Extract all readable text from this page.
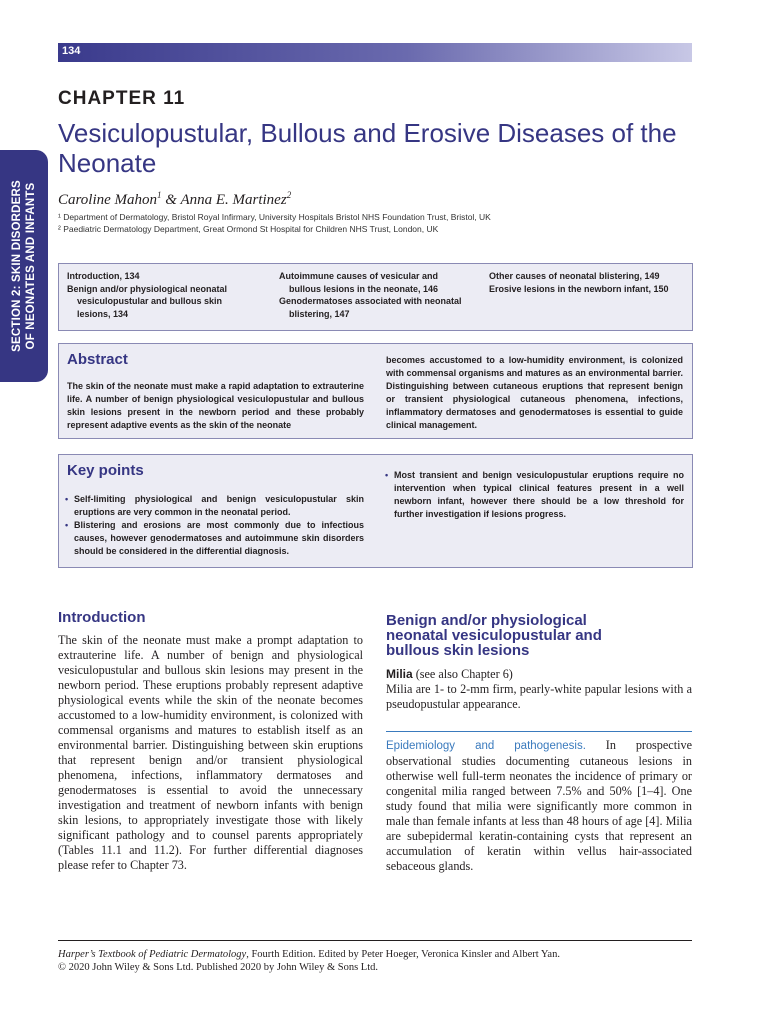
134
SECTION 2: SKIN DISORDERS OF NEONATES AND INFANTS
CHAPTER 11
Vesiculopustular, Bullous and Erosive Diseases of the Neonate
Caroline Mahon$^1$ & Anna E. Martinez$^2$
¹ Department of Dermatology, Bristol Royal Infirmary, University Hospitals Bristol NHS Foundation Trust, Bristol, UK
² Paediatric Dermatology Department, Great Ormond St Hospital for Children NHS Trust, London, UK
Introduction, 134
Benign and/or physiological neonatal vesiculopustular and bullous skin lesions, 134
Autoimmune causes of vesicular and bullous lesions in the neonate, 146
Genodermatoses associated with neonatal blistering, 147
Other causes of neonatal blistering, 149
Erosive lesions in the newborn infant, 150
Abstract
The skin of the neonate must make a rapid adaptation to extrauterine life. A number of benign physiological vesiculopustular and bullous skin lesions present in the newborn period and these probably represent adaptive events as the skin of the neonate
becomes accustomed to a low-humidity environment, is colonized with commensal organisms and matures as an environmental barrier. Distinguishing between cutaneous eruptions that represent benign or transient physiological cutaneous phenomena, infections, inflammatory dermatoses and genodermatoses is essential to guide clinical management.
Key points
• Self-limiting physiological and benign vesiculopustular skin eruptions are very common in the neonatal period.
• Blistering and erosions are most commonly due to infectious causes, however genodermatoses and autoimmune skin disorders should be considered in the differential diagnosis.
• Most transient and benign vesiculopustular eruptions require no intervention when typical clinical features present in a well newborn infant, however there should be a low threshold for further investigation if lesions progress.
Introduction
The skin of the neonate must make a prompt adaptation to extrauterine life. A number of benign and physiological vesiculopustular and bullous skin lesions may present in the newborn period. These eruptions probably represent adaptive physiological events while the skin of the neonate becomes accustomed to a low-humidity environment, is colonized with commensal organisms and matures to establish itself as an environmental barrier. Distinguishing between skin eruptions that represent benign and/or transient physiological phenomena, infections, inflammatory dermatoses and genodermatoses is essential to avoid the unnecessary investigation and treatment of newborn infants with benign skin lesions, to appropriately investigate those with likely significant pathology and to counsel parents appropriately (Tables 11.1 and 11.2). For further differential diagnoses please refer to Chapter 73.
Benign and/or physiological neonatal vesiculopustular and bullous skin lesions
Milia (see also Chapter 6)
Milia are 1- to 2-mm firm, pearly-white papular lesions with a pseudopustular appearance.
Epidemiology and pathogenesis. In prospective observational studies documenting cutaneous lesions in otherwise well full-term neonates the incidence of primary or congenital milia ranged between 7.5% and 50% [1–4]. One study found that milia were significantly more common in male than female infants at less than 48 hours of age [4]. Milia are subepidermal keratin-containing cysts that represent an accumulation of keratin within vellus hair-associated sebaceous glands.
Harper’s Textbook of Pediatric Dermatology, Fourth Edition. Edited by Peter Hoeger, Veronica Kinsler and Albert Yan.
© 2020 John Wiley & Sons Ltd. Published 2020 by John Wiley & Sons Ltd.
